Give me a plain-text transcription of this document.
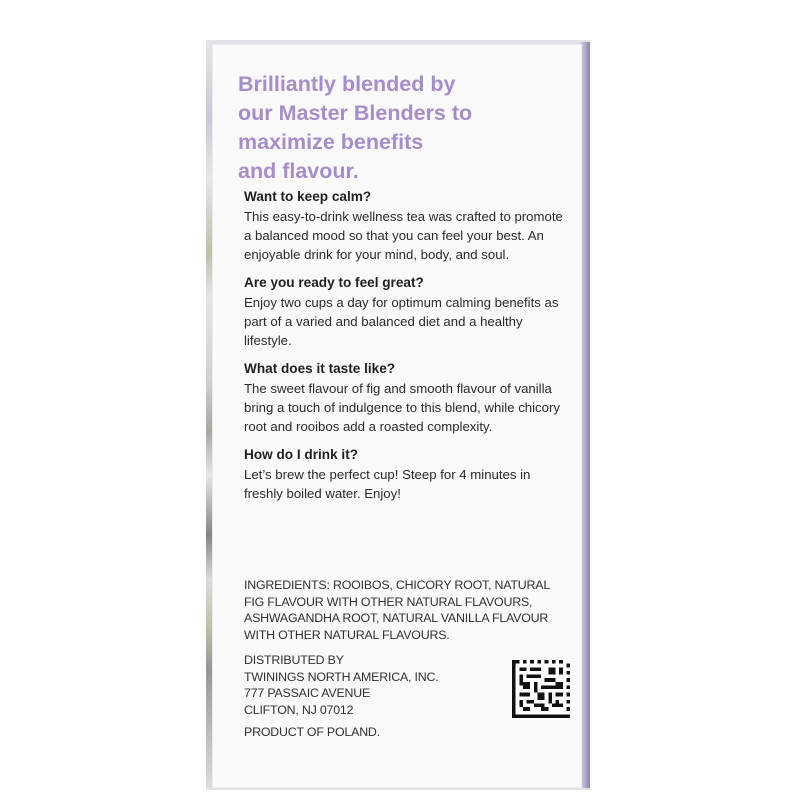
Brilliantly blended by
our Master Blenders to
maximize benefits
and flavour.

Want to keep calm?

This easy-to-drink wellness tea was crafted to promote a balanced mood so that you can feel your best. An enjoyable drink for your mind, body, and soul.

Are you ready to feel great?

Enjoy two cups a day for optimum calming benefits as part of a varied and balanced diet and a healthy lifestyle.

What does it taste like?

The sweet flavour of fig and smooth flavour of vanilla bring a touch of indulgence to this blend, while chicory root and rooibos add a roasted complexity.

How do I drink it?

Let’s brew the perfect cup! Steep for 4 minutes in freshly boiled water. Enjoy!

INGREDIENTS: ROOIBOS, CHICORY ROOT, NATURAL FIG FLAVOUR WITH OTHER NATURAL FLAVOURS, ASHWAGANDHA ROOT, NATURAL VANILLA FLAVOUR WITH OTHER NATURAL FLAVOURS.

DISTRIBUTED BY
TWININGS NORTH AMERICA, INC.
777 PASSAIC AVENUE
CLIFTON, NJ 07012
PRODUCT OF POLAND.
